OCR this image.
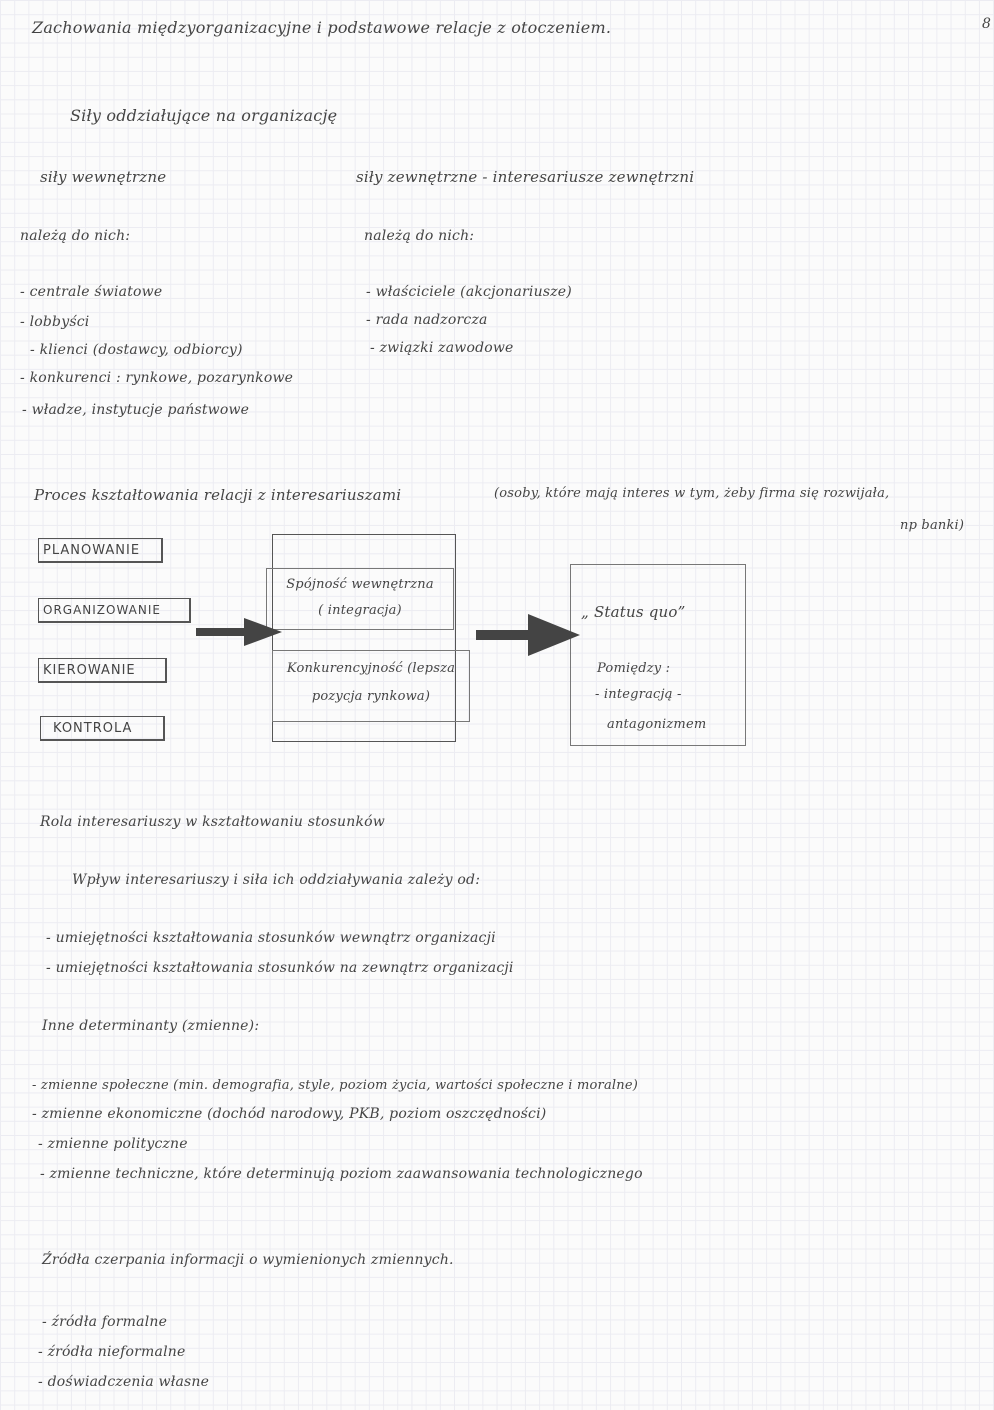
Zachowania międzyorganizacyjne i podstawowe relacje z otoczeniem.	8
Siły oddziałujące na organizację
siły wewnętrzne
należą do nich:
- centrale światowe
- lobbyści
- klienci (dostawcy, odbiorcy)
- konkurenci : rynkowe, pozarynkowe
- władze, instytucje państwowe
siły zewnętrzne - interesariusze zewnętrzni
należą do nich:
- właściciele (akcjonariusze)
- rada nadzorcza
- związki zawodowe
Proces kształtowania relacji z interesariuszami	(osoby, które mają interes w tym, żeby firma się rozwijała,
np banki)
PLANOWANIE
ORGANIZOWANIE
KIEROWANIE
KONTROLA
Spójność wewnętrzna
( integracja)
Konkurencyjność (lepsza
pozycja rynkowa)
„ Status quo”
Pomiędzy :
- integracją -
antagonizmem
Rola interesariuszy w kształtowaniu stosunków
Wpływ interesariuszy i siła ich oddziaływania zależy od:
- umiejętności kształtowania stosunków wewnątrz organizacji
- umiejętności kształtowania stosunków na zewnątrz organizacji
Inne determinanty (zmienne):
- zmienne społeczne (min. demografia, style, poziom życia, wartości społeczne i moralne)
- zmienne ekonomiczne (dochód narodowy, PKB, poziom oszczędności)
- zmienne polityczne
- zmienne techniczne, które determinują poziom zaawansowania technologicznego
Źródła czerpania informacji o wymienionych zmiennych.
- źródła formalne
- źródła nieformalne
- doświadczenia własne
